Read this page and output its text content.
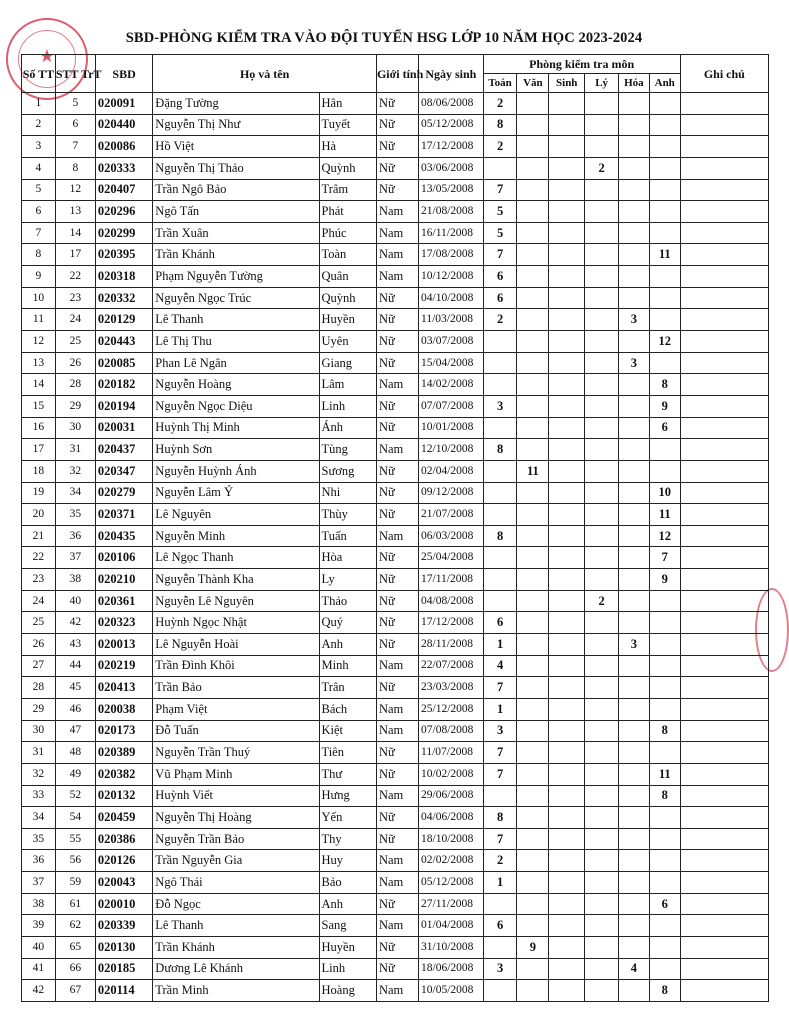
★
SBD-PHÒNG KIỂM TRA VÀO ĐỘI TUYỂN HSG LỚP 10 NĂM HỌC 2023-2024
Số TT	STT TrT	SBD	Họ và tên		Giới tính	Ngày sinh	Phòng kiểm tra môn						Ghi chú
							Toán	Văn	Sinh	Lý	Hóa	Anh	
1	5	020091	Đặng Tường	Hân	Nữ	08/06/2008	2						
2	6	020440	Nguyễn Thị Như	Tuyết	Nữ	05/12/2008	8						
3	7	020086	Hồ Việt	Hà	Nữ	17/12/2008	2						
4	8	020333	Nguyễn Thị Thảo	Quỳnh	Nữ	03/06/2008				2			
5	12	020407	Trần Ngô Bảo	Trâm	Nữ	13/05/2008	7						
6	13	020296	Ngô Tấn	Phát	Nam	21/08/2008	5						
7	14	020299	Trần Xuân	Phúc	Nam	16/11/2008	5						
8	17	020395	Trần Khánh	Toàn	Nam	17/08/2008	7					11	
9	22	020318	Phạm Nguyễn Tường	Quân	Nam	10/12/2008	6						
10	23	020332	Nguyễn Ngọc Trúc	Quỳnh	Nữ	04/10/2008	6						
11	24	020129	Lê Thanh	Huyền	Nữ	11/03/2008	2				3		
12	25	020443	Lê Thị Thu	Uyên	Nữ	03/07/2008						12	
13	26	020085	Phan Lê Ngân	Giang	Nữ	15/04/2008					3		
14	28	020182	Nguyễn Hoàng	Lâm	Nam	14/02/2008						8	
15	29	020194	Nguyễn Ngọc Diệu	Linh	Nữ	07/07/2008	3					9	
16	30	020031	Huỳnh Thị Minh	Ánh	Nữ	10/01/2008						6	
17	31	020437	Huỳnh Sơn	Tùng	Nam	12/10/2008	8						
18	32	020347	Nguyễn Huỳnh Ánh	Sương	Nữ	02/04/2008		11					
19	34	020279	Nguyễn Lâm Ý	Nhi	Nữ	09/12/2008						10	
20	35	020371	Lê Nguyên	Thùy	Nữ	21/07/2008						11	
21	36	020435	Nguyễn Minh	Tuấn	Nam	06/03/2008	8					12	
22	37	020106	Lê Ngọc Thanh	Hòa	Nữ	25/04/2008						7	
23	38	020210	Nguyễn Thành Kha	Ly	Nữ	17/11/2008						9	
24	40	020361	Nguyễn Lê Nguyên	Thảo	Nữ	04/08/2008				2			
25	42	020323	Huỳnh Ngọc Nhật	Quý	Nữ	17/12/2008	6						
26	43	020013	Lê Nguyễn Hoài	Anh	Nữ	28/11/2008	1				3		
27	44	020219	Trần Đình Khôi	Minh	Nam	22/07/2008	4						
28	45	020413	Trần Bảo	Trân	Nữ	23/03/2008	7						
29	46	020038	Phạm Việt	Bách	Nam	25/12/2008	1						
30	47	020173	Đỗ Tuấn	Kiệt	Nam	07/08/2008	3					8	
31	48	020389	Nguyễn Trần Thuý	Tiên	Nữ	11/07/2008	7						
32	49	020382	Vũ Phạm Minh	Thư	Nữ	10/02/2008	7					11	
33	52	020132	Huỳnh Viết	Hưng	Nam	29/06/2008						8	
34	54	020459	Nguyễn Thị Hoàng	Yến	Nữ	04/06/2008	8						
35	55	020386	Nguyễn Trần Bảo	Thy	Nữ	18/10/2008	7						
36	56	020126	Trần Nguyễn Gia	Huy	Nam	02/02/2008	2						
37	59	020043	Ngô Thái	Bảo	Nam	05/12/2008	1						
38	61	020010	Đỗ Ngọc	Anh	Nữ	27/11/2008						6	
39	62	020339	Lê Thanh	Sang	Nam	01/04/2008	6						
40	65	020130	Trần Khánh	Huyền	Nữ	31/10/2008		9					
41	66	020185	Dương Lê Khánh	Linh	Nữ	18/06/2008	3				4		
42	67	020114	Trần Minh	Hoàng	Nam	10/05/2008						8	
